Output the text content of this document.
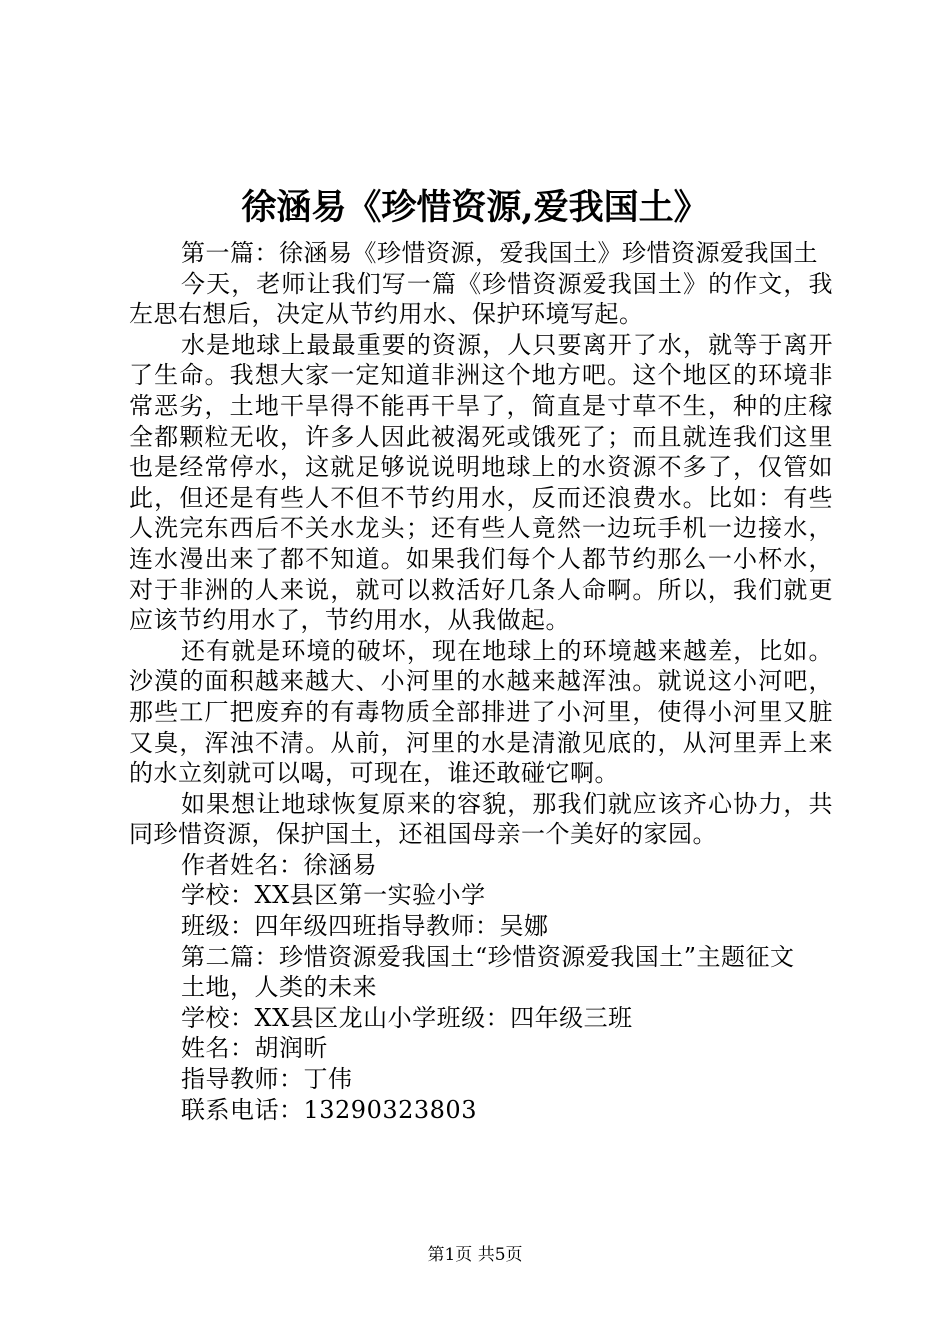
徐涵易《珍惜资源,爱我国土》

第一篇：徐涵易《珍惜资源，爱我国土》珍惜资源爱我国土

今天，老师让我们写一篇《珍惜资源爱我国土》的作文，我左思右想后，决定从节约用水、保护环境写起。

水是地球上最最重要的资源，人只要离开了水，就等于离开了生命。我想大家一定知道非洲这个地方吧。这个地区的环境非常恶劣，土地干旱得不能再干旱了，简直是寸草不生，种的庄稼全都颗粒无收，许多人因此被渴死或饿死了；而且就连我们这里也是经常停水，这就足够说说明地球上的水资源不多了，仅管如此，但还是有些人不但不节约用水，反而还浪费水。比如：有些人洗完东西后不关水龙头；还有些人竟然一边玩手机一边接水，连水漫出来了都不知道。如果我们每个人都节约那么一小杯水，对于非洲的人来说，就可以救活好几条人命啊。所以，我们就更应该节约用水了，节约用水，从我做起。

还有就是环境的破坏，现在地球上的环境越来越差，比如。沙漠的面积越来越大、小河里的水越来越浑浊。就说这小河吧，那些工厂把废弃的有毒物质全部排进了小河里，使得小河里又脏又臭，浑浊不清。从前，河里的水是清澈见底的，从河里弄上来的水立刻就可以喝，可现在，谁还敢碰它啊。

如果想让地球恢复原来的容貌，那我们就应该齐心协力，共同珍惜资源，保护国土，还祖国母亲一个美好的家园。

作者姓名：徐涵易

学校：XX县区第一实验小学

班级：四年级四班指导教师：吴娜

第二篇：珍惜资源爱我国土“珍惜资源爱我国土”主题征文

土地，人类的未来

学校：XX县区龙山小学班级：四年级三班

姓名：胡润昕

指导教师：丁伟

联系电话：13290323803

第1页 共5页
